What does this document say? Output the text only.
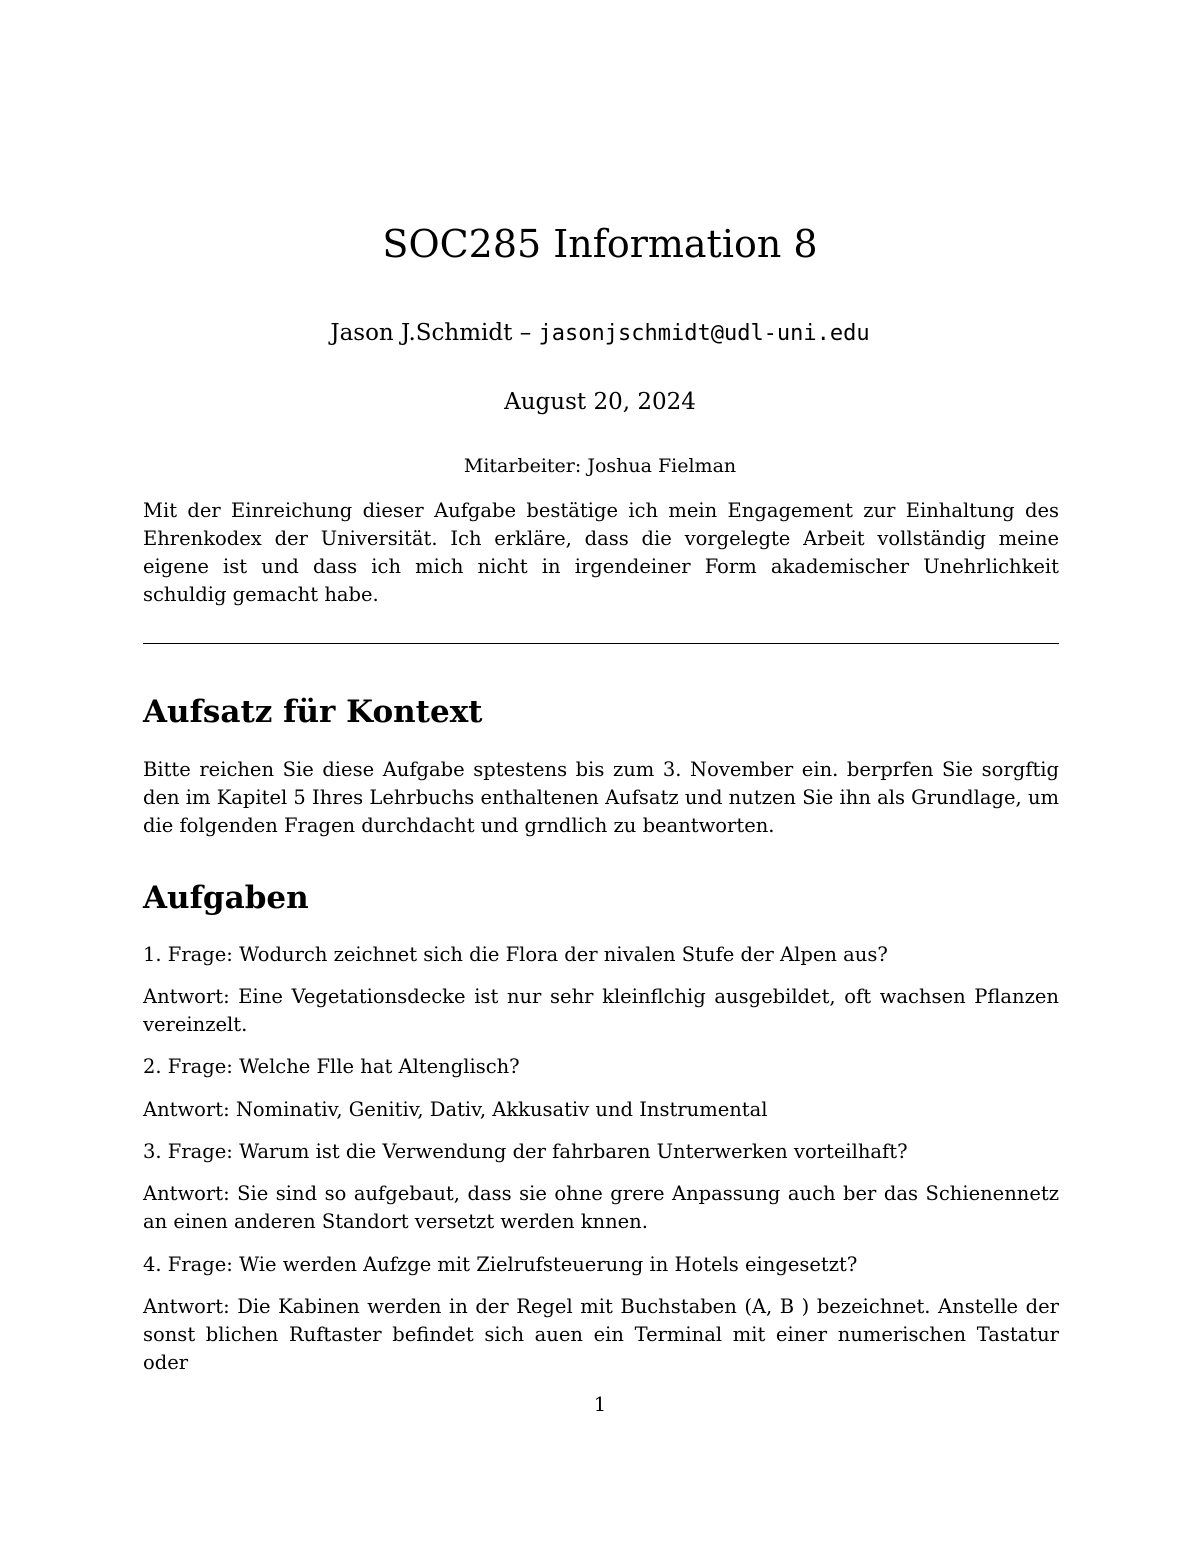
SOC285 Information 8
Jason J.Schmidt – jasonjschmidt@udl-uni.edu
August 20, 2024
Mitarbeiter: Joshua Fielman

Mit der Einreichung dieser Aufgabe bestätige ich mein Engagement zur Einhaltung des Ehrenkodex der Universität. Ich erkläre, dass die vorgelegte Arbeit vollständig meine eigene ist und dass ich mich nicht in irgendeiner Form akademischer Unehrlichkeit schuldig gemacht habe.

Aufsatz für Kontext

Bitte reichen Sie diese Aufgabe sptestens bis zum 3. November ein. berprfen Sie sorgftig den im Kapitel 5 Ihres Lehrbuchs enthaltenen Aufsatz und nutzen Sie ihn als Grundlage, um die folgenden Fragen durchdacht und grndlich zu beantworten.

Aufgaben

1. Frage: Wodurch zeichnet sich die Flora der nivalen Stufe der Alpen aus?

Antwort: Eine Vegetationsdecke ist nur sehr kleinflchig ausgebildet, oft wachsen Pflanzen vereinzelt.

2. Frage: Welche Flle hat Altenglisch?

Antwort: Nominativ, Genitiv, Dativ, Akkusativ und Instrumental

3. Frage: Warum ist die Verwendung der fahrbaren Unterwerken vorteilhaft?

Antwort: Sie sind so aufgebaut, dass sie ohne grere Anpassung auch ber das Schienennetz an einen anderen Standort versetzt werden knnen.

4. Frage: Wie werden Aufzge mit Zielrufsteuerung in Hotels eingesetzt?

Antwort: Die Kabinen werden in der Regel mit Buchstaben (A, B ) bezeichnet. Anstelle der sonst blichen Ruftaster befindet sich auen ein Terminal mit einer numerischen Tastatur oder

1
